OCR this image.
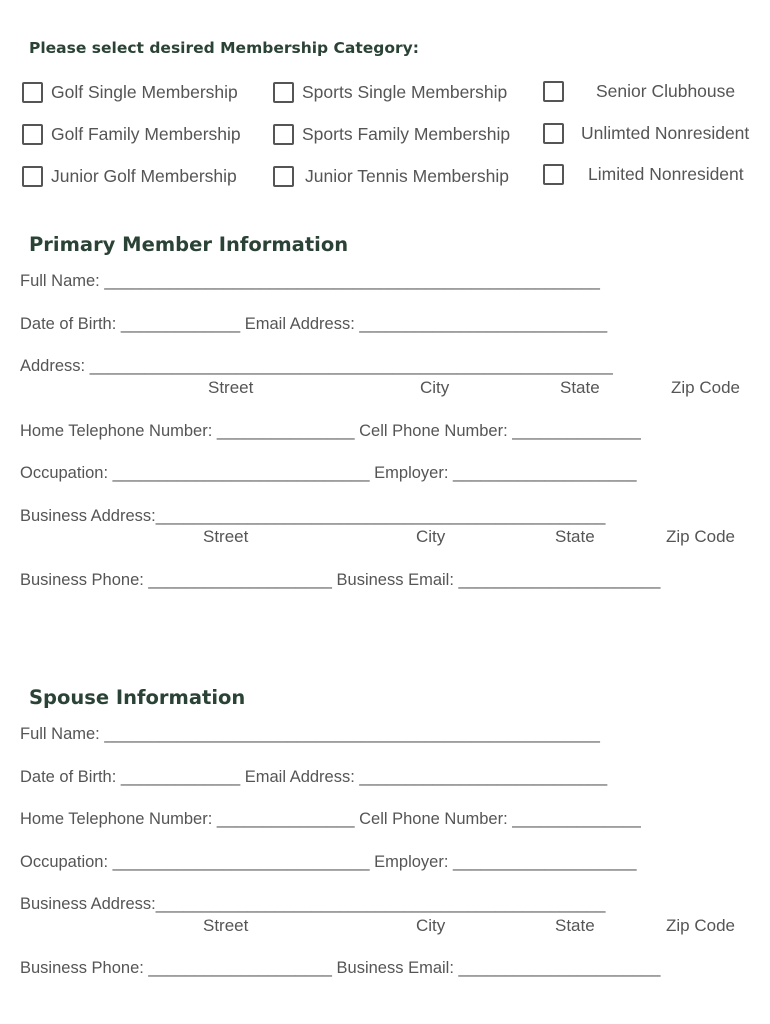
Please select desired Membership Category:
Golf Single Membership	Sports Single Membership	Senior Clubhouse
Golf Family Membership	Sports Family Membership	Unlimted Nonresident
Junior Golf Membership	Junior Tennis Membership	Limited Nonresident
Primary Member Information
Full Name: ______________________________________________________
Date of Birth: _____________ Email Address: ___________________________
Address: _________________________________________________________
Street	City	State	Zip Code
Home Telephone Number: _______________ Cell Phone Number: ______________
Occupation: ____________________________ Employer: ____________________
Business Address:_________________________________________________
Street	City	State	Zip Code
Business Phone: ____________________ Business Email: ______________________
Spouse Information
Full Name: ______________________________________________________
Date of Birth: _____________ Email Address: ___________________________
Home Telephone Number: _______________ Cell Phone Number: ______________
Occupation: ____________________________ Employer: ____________________
Business Address:_________________________________________________
Street	City	State	Zip Code
Business Phone: ____________________ Business Email: ______________________
